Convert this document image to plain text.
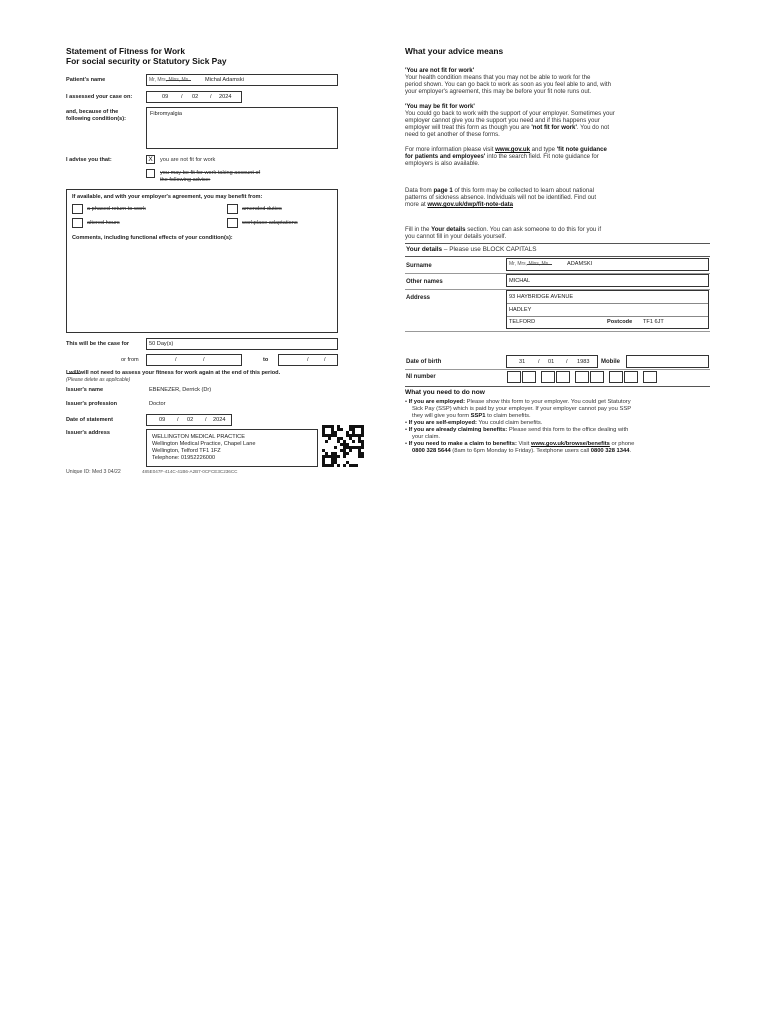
Statement of Fitness for Work
For social security or Statutory Sick Pay
Patient's name	Mr, Mrs, Miss, Ms	Michal Adamski
I assessed your case on:	09 / 02 / 2024
and, because of the
following condition(s):
Fibromyalgia
I advise you that:	X	you are not fit for work
you may be fit for work taking account of
the following advice:
If available, and with your employer's agreement, you may benefit from:
a phased return to work	amended duties
altered hours	workplace adaptations
Comments, including functional effects of your condition(s):
This will be the case for	50 Day(s)
or from	/	/	to	/	/
I will/will not need to assess your fitness for work again at the end of this period.
(Please delete as applicable)
Issuer's name	EBENEZER, Derrick (Dr)
Issuer's profession	Doctor
Date of statement	09 / 02 / 2024
Issuer's address
WELLINGTON MEDICAL PRACTICE
Wellington Medical Practice, Chapel Lane
Wellington, Telford TF1 1FZ
Telephone: 01952226000
Unique ID: Med 3 04/22	485E047F-414C-41B6-A2B7-0CFCE3C236CC
What your advice means
'You are not fit for work'
Your health condition means that you may not be able to work for the
period shown. You can go back to work as soon as you feel able to and, with
your employer's agreement, this may be before your fit note runs out.
'You may be fit for work'
You could go back to work with the support of your employer. Sometimes your
employer cannot give you the support you need and if this happens your
employer will treat this form as though you are 'not fit for work'. You do not
need to get another of these forms.
For more information please visit www.gov.uk and type 'fit note guidance
for patients and employees' into the search field. Fit note guidance for
employers is also available.
Data from page 1 of this form may be collected to learn about national
patterns of sickness absence. Individuals will not be identified. Find out
more at www.gov.uk/dwp/fit-note-data
Fill in the Your details section. You can ask someone to do this for you if
you cannot fill in your details yourself.
Your details – Please use BLOCK CAPITALS
Surname	Mr, Mrs, Miss, Ms	ADAMSKI
Other names	MICHAL
Address	93 HAYBRIDGE AVENUE
HADLEY
TELFORD	Postcode TF1 6JT
Date of birth	31 / 01 / 1983 Mobile
NI number
What you need to do now
• If you are employed: Please show this form to your employer. You could get Statutory
Sick Pay (SSP) which is paid by your employer. If your employer cannot pay you SSP
they will give you form SSP1 to claim benefits.
• If you are self-employed: You could claim benefits.
• If you are already claiming benefits: Please send this form to the office dealing with
your claim.
• If you need to make a claim to benefits: Visit www.gov.uk/browse/benefits or phone
0800 328 5644 (8am to 6pm Monday to Friday). Textphone users call 0800 328 1344.
